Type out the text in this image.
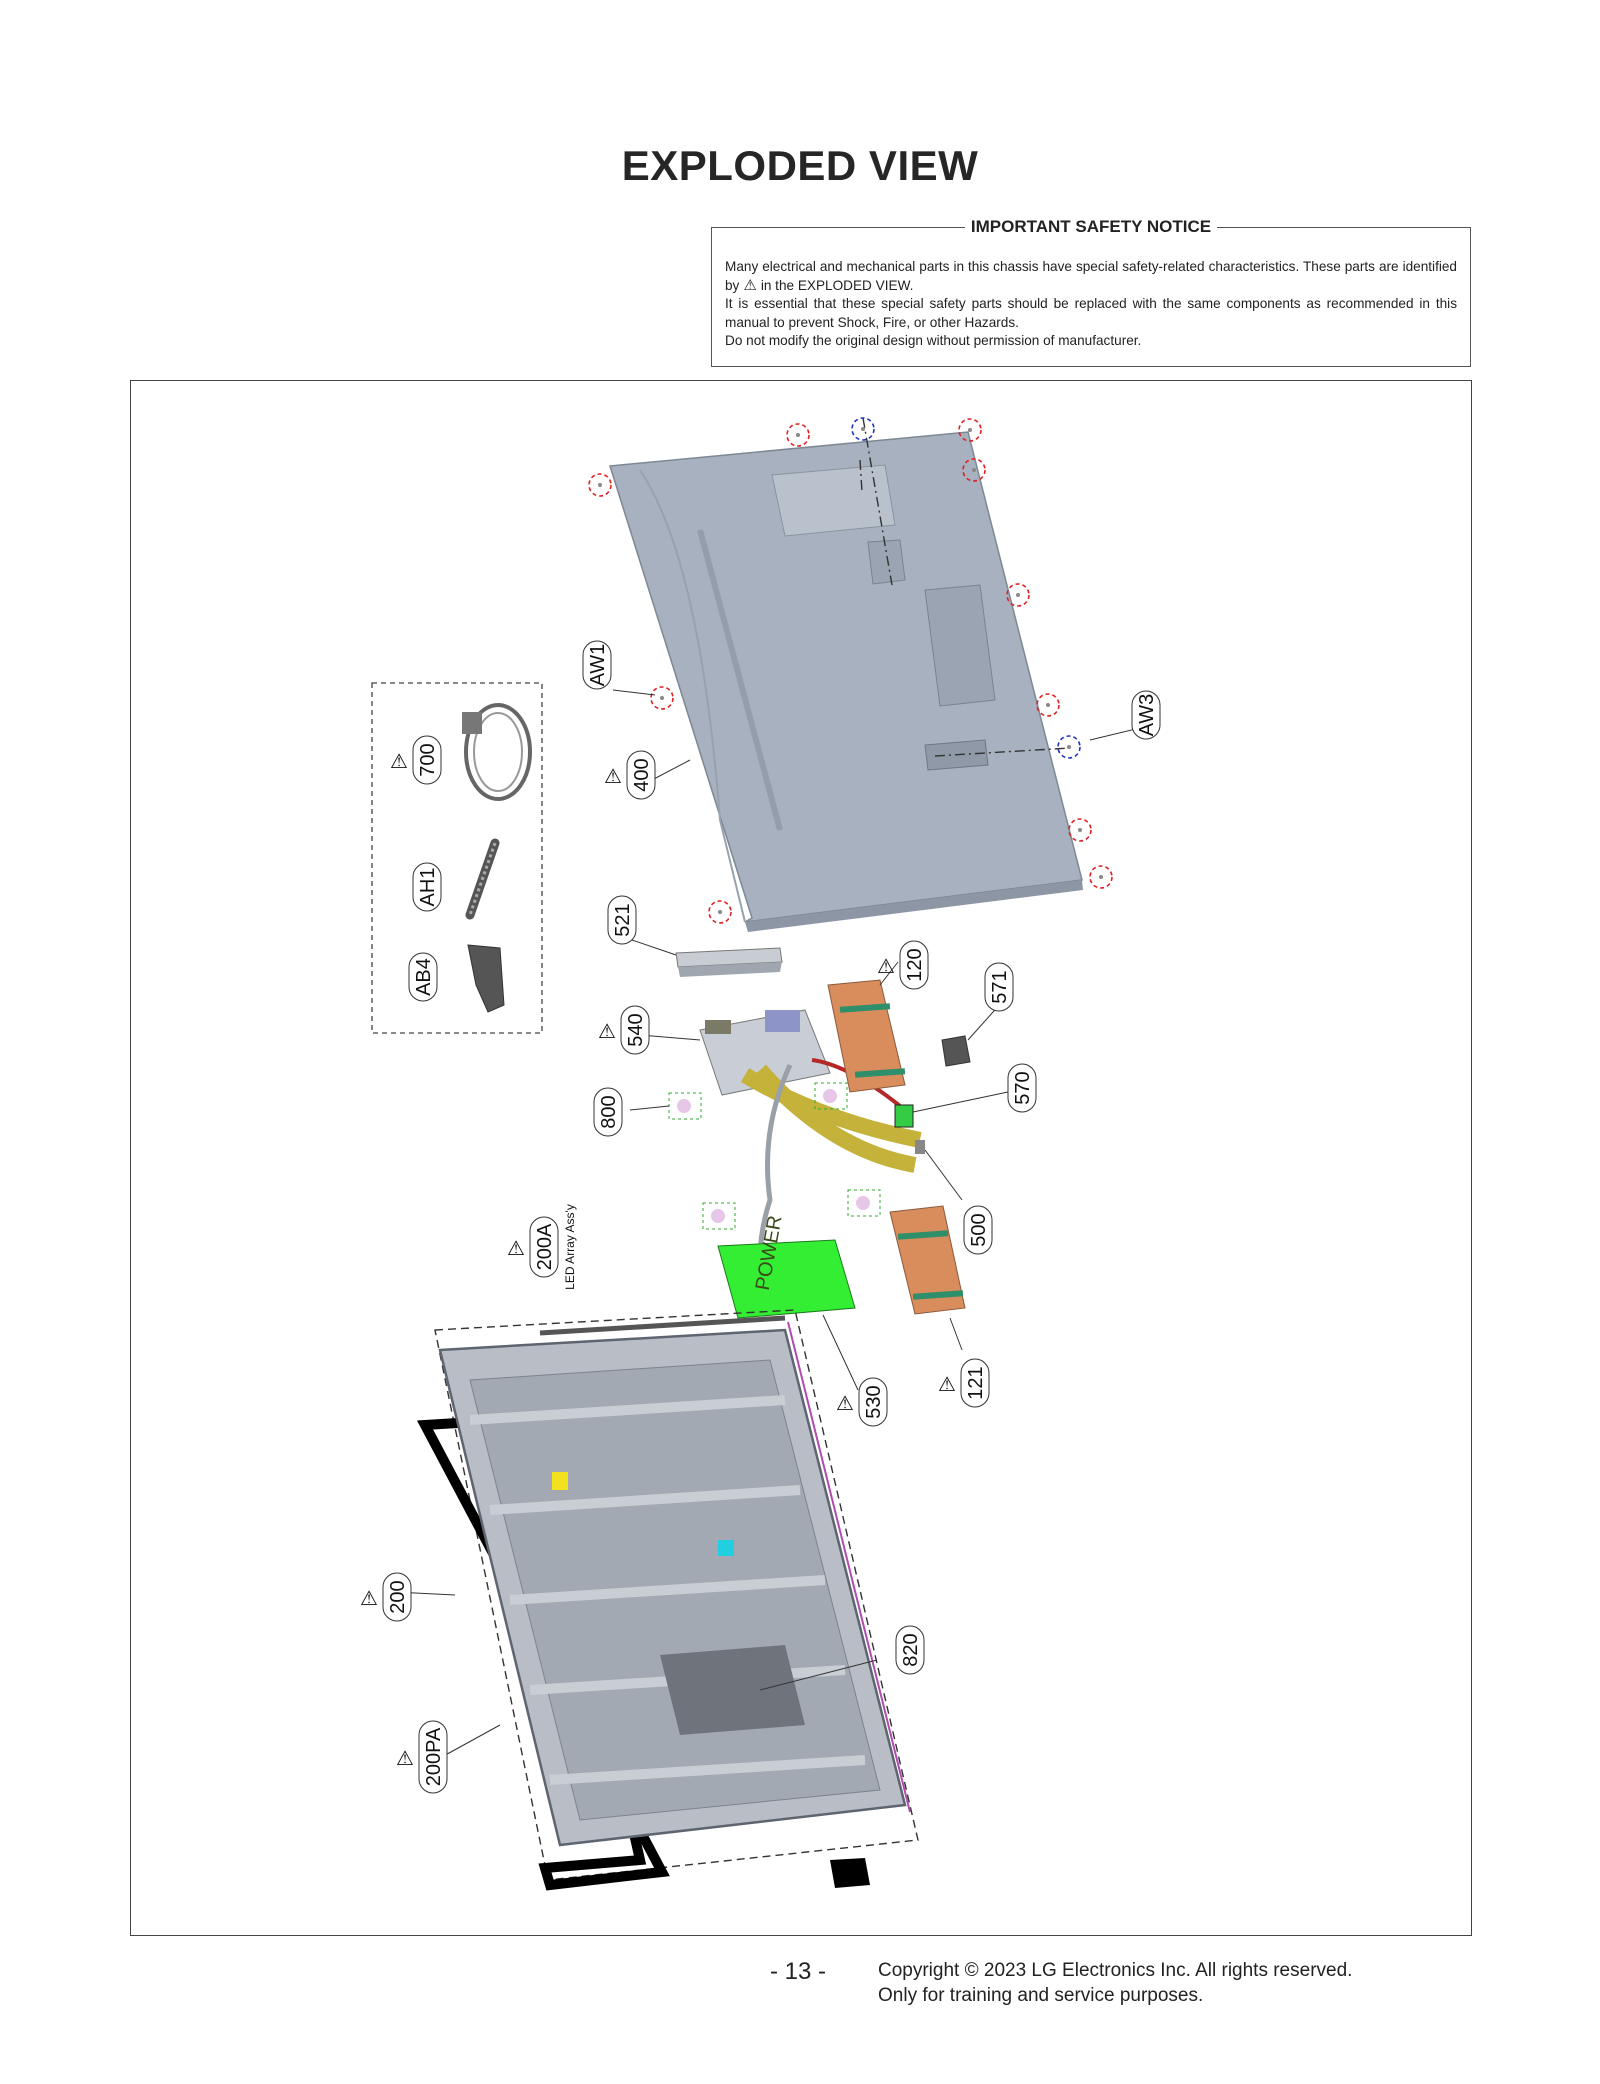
EXPLODED VIEW
IMPORTANT SAFETY NOTICE

Many electrical and mechanical parts in this chassis have special safety-related characteristics. These parts are identified by ⚠ in the EXPLODED VIEW.

It is essential that these special safety parts should be replaced with the same components as recommended in this manual to prevent Shock, Fire, or other Hazards.

Do not modify the original design without permission of manufacturer.

POWER
AW1
AW3
400
⚠
700
⚠
AH1
AB4
521
120
⚠
571
540
⚠
570
800
500
200A
⚠	LED Array Ass'y
530
⚠
121
⚠
200
⚠
820
200PA
⚠
- 13 -	Copyright © 2023 LG Electronics Inc. All rights reserved.
Only for training and service purposes.
